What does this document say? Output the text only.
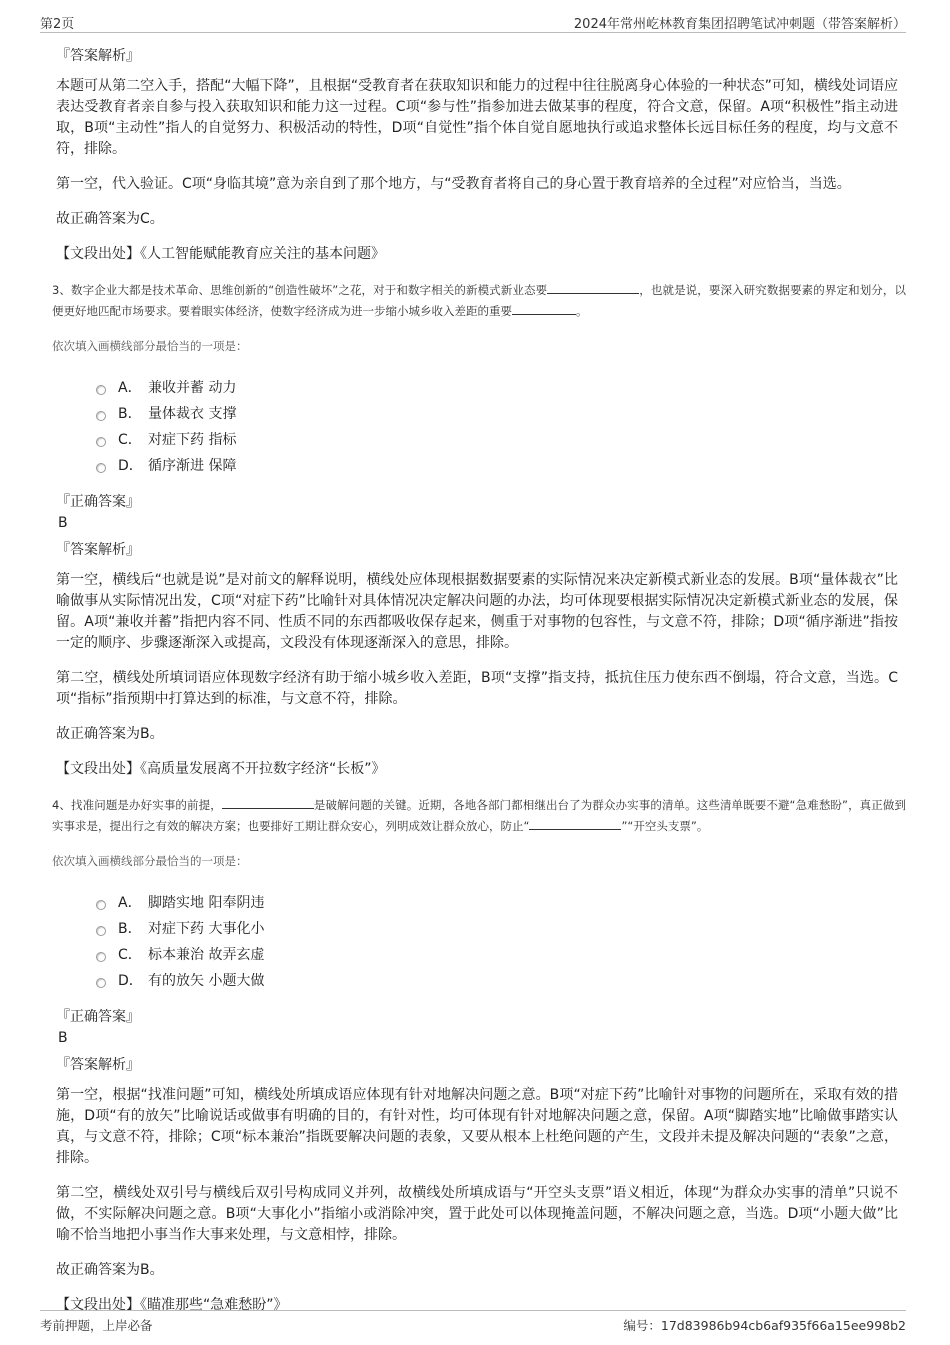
第2页	2024年常州屹林教育集团招聘笔试冲刺题（带答案解析）
『答案解析』

本题可从第二空入手，搭配“大幅下降”，且根据“受教育者在获取知识和能力的过程中往往脱离身心体验的一种状态”可知，横线处词语应表达受教育者亲自参与投入获取知识和能力这一过程。C项“参与性”指参加进去做某事的程度，符合文意，保留。A项“积极性”指主动进取，B项“主动性”指人的自觉努力、积极活动的特性，D项“自觉性”指个体自觉自愿地执行或追求整体长远目标任务的程度，均与文意不符，排除。

第一空，代入验证。C项“身临其境”意为亲自到了那个地方，与“受教育者将自己的身心置于教育培养的全过程”对应恰当，当选。

故正确答案为C。

【文段出处】《人工智能赋能教育应关注的基本问题》

3、数字企业大都是技术革命、思维创新的“创造性破坏”之花，对于和数字相关的新模式新业态要	，也就是说，要深入研究数据要素的界定和划分，以便更好地匹配市场要求。要着眼实体经济，使数字经济成为进一步缩小城乡收入差距的重要	。
依次填入画横线部分最恰当的一项是：
A． 兼收并蓄 动力
B． 量体裁衣 支撑
C． 对症下药 指标
D． 循序渐进 保障
『正确答案』
B
『答案解析』

第一空，横线后“也就是说”是对前文的解释说明，横线处应体现根据数据要素的实际情况来决定新模式新业态的发展。B项“量体裁衣”比喻做事从实际情况出发，C项“对症下药”比喻针对具体情况决定解决问题的办法，均可体现要根据实际情况决定新模式新业态的发展，保留。A项“兼收并蓄”指把内容不同、性质不同的东西都吸收保存起来，侧重于对事物的包容性，与文意不符，排除；D项“循序渐进”指按一定的顺序、步骤逐渐深入或提高，文段没有体现逐渐深入的意思，排除。

第二空，横线处所填词语应体现数字经济有助于缩小城乡收入差距，B项“支撑”指支持，抵抗住压力使东西不倒塌，符合文意，当选。C项“指标”指预期中打算达到的标准，与文意不符，排除。

故正确答案为B。

【文段出处】《高质量发展离不开拉数字经济“长板”》

4、找准问题是办好实事的前提，	是破解问题的关键。近期，各地各部门都相继出台了为群众办实事的清单。这些清单既要不避“急难愁盼”，真正做到实事求是，提出行之有效的解决方案；也要排好工期让群众安心，列明成效让群众放心，防止“	”“开空头支票”。
依次填入画横线部分最恰当的一项是：
A． 脚踏实地 阳奉阴违
B． 对症下药 大事化小
C． 标本兼治 故弄玄虚
D． 有的放矢 小题大做
『正确答案』
B
『答案解析』

第一空，根据“找准问题”可知，横线处所填成语应体现有针对地解决问题之意。B项“对症下药”比喻针对事物的问题所在，采取有效的措施，D项“有的放矢”比喻说话或做事有明确的目的，有针对性，均可体现有针对地解决问题之意，保留。A项“脚踏实地”比喻做事踏实认真，与文意不符，排除；C项“标本兼治”指既要解决问题的表象，又要从根本上杜绝问题的产生，文段并未提及解决问题的“表象”之意，排除。

第二空，横线处双引号与横线后双引号构成同义并列，故横线处所填成语与“开空头支票”语义相近，体现“为群众办实事的清单”只说不做，不实际解决问题之意。B项“大事化小”指缩小或消除冲突，置于此处可以体现掩盖问题，不解决问题之意，当选。D项“小题大做”比喻不恰当地把小事当作大事来处理，与文意相悖，排除。

故正确答案为B。

【文段出处】《瞄准那些“急难愁盼”》

考前押题，上岸必备	编号：17d83986b94cb6af935f66a15ee998b2
